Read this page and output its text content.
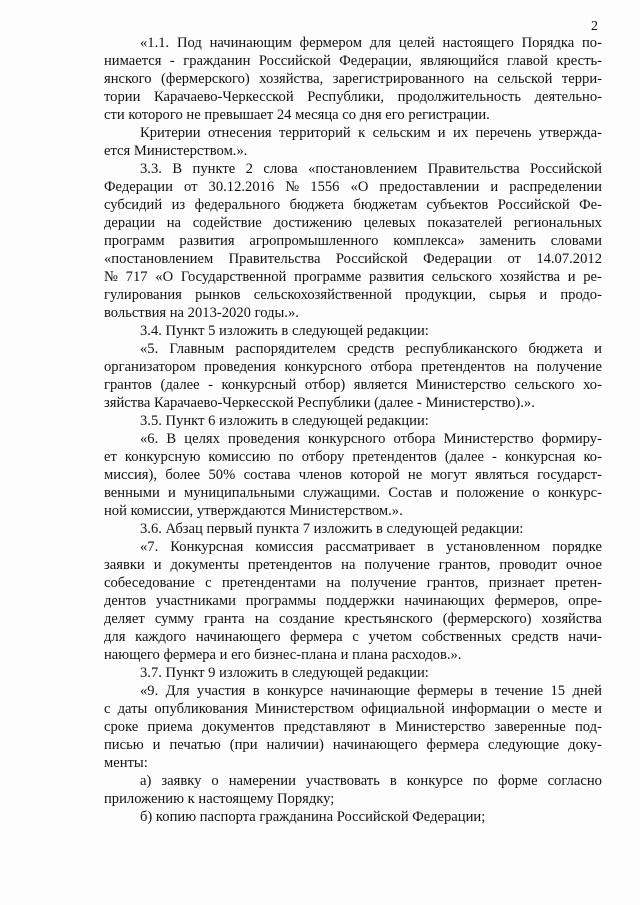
2
«1.1. Под начинающим фермером для целей настоящего Порядка по-
нимается - гражданин Российской Федерации, являющийся главой кресть-
янского (фермерского) хозяйства, зарегистрированного на сельской терри-
тории Карачаево-Черкесской Республики, продолжительность деятельно-
сти которого не превышает 24 месяца со дня его регистрации.
Критерии отнесения территорий к сельским и их перечень утвержда-
ется Министерством.».
3.3. В пункте 2 слова «постановлением Правительства Российской
Федерации от 30.12.2016 № 1556 «О предоставлении и распределении
субсидий из федерального бюджета бюджетам субъектов Российской Фе-
дерации на содействие достижению целевых показателей региональных
программ развития агропромышленного комплекса» заменить словами
«постановлением Правительства Российской Федерации от 14.07.2012
№ 717 «О Государственной программе развития сельского хозяйства и ре-
гулирования рынков сельскохозяйственной продукции, сырья и продо-
вольствия на 2013-2020 годы.».
3.4. Пункт 5 изложить в следующей редакции:
«5. Главным распорядителем средств республиканского бюджета и
организатором проведения конкурсного отбора претендентов на получение
грантов (далее - конкурсный отбор) является Министерство сельского хо-
зяйства Карачаево-Черкесской Республики (далее - Министерство).».
3.5. Пункт 6 изложить в следующей редакции:
«6. В целях проведения конкурсного отбора Министерство формиру-
ет конкурсную комиссию по отбору претендентов (далее - конкурсная ко-
миссия), более 50% состава членов которой не могут являться государст-
венными и муниципальными служащими. Состав и положение о конкурс-
ной комиссии, утверждаются Министерством.».
3.6. Абзац первый пункта 7 изложить в следующей редакции:
«7. Конкурсная комиссия рассматривает в установленном порядке
заявки и документы претендентов на получение грантов, проводит очное
собеседование с претендентами на получение грантов, признает претен-
дентов участниками программы поддержки начинающих фермеров, опре-
деляет сумму гранта на создание крестьянского (фермерского) хозяйства
для каждого начинающего фермера с учетом собственных средств начи-
нающего фермера и его бизнес-плана и плана расходов.».
3.7. Пункт 9 изложить в следующей редакции:
«9. Для участия в конкурсе начинающие фермеры в течение 15 дней
с даты опубликования Министерством официальной информации о месте и
сроке приема документов представляют в Министерство заверенные под-
писью и печатью (при наличии) начинающего фермера следующие доку-
менты:
а) заявку о намерении участвовать в конкурсе по форме согласно
приложению к настоящему Порядку;
б) копию паспорта гражданина Российской Федерации;
